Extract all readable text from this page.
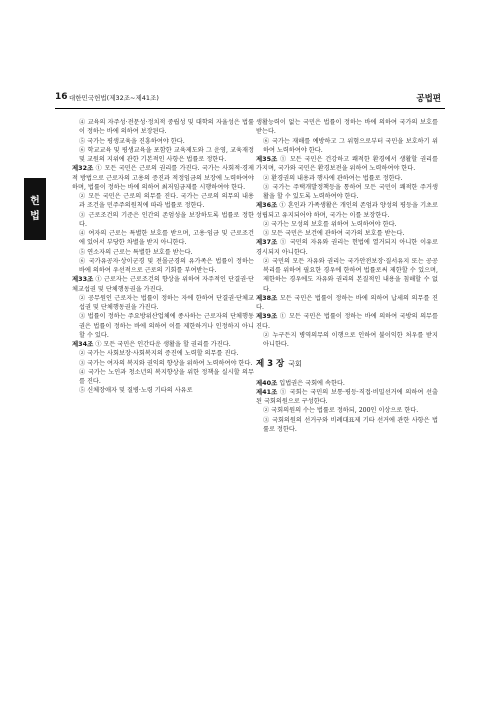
16 대한민국헌법(제32조~제41조)	공법편
헌
법

④ 교육의 자주성·전문성·정치적 중립성 및 대학의 자율성은 법률이 정하는 바에 의하여 보장된다.

⑤ 국가는 평생교육을 진흥하여야 한다.

⑥ 학교교육 및 평생교육을 포함한 교육제도와 그 운영, 교육재정 및 교원의 지위에 관한 기본적인 사항은 법률로 정한다.

제32조 ① 모든 국민은 근로의 권리를 가진다. 국가는 사회적·경제적 방법으로 근로자의 고용의 증진과 적정임금의 보장에 노력하여야 하며, 법률이 정하는 바에 의하여 최저임금제를 시행하여야 한다.

② 모든 국민은 근로의 의무를 진다. 국가는 근로의 의무의 내용과 조건을 민주주의원칙에 따라 법률로 정한다.

③ 근로조건의 기준은 인간의 존엄성을 보장하도록 법률로 정한다.

④ 여자의 근로는 특별한 보호를 받으며, 고용·임금 및 근로조건에 있어서 부당한 차별을 받지 아니한다.

⑤ 연소자의 근로는 특별한 보호를 받는다.

⑥ 국가유공자·상이군경 및 전몰군경의 유가족은 법률이 정하는 바에 의하여 우선적으로 근로의 기회를 부여받는다.

제33조 ① 근로자는 근로조건의 향상을 위하여 자주적인 단결권·단체교섭권 및 단체행동권을 가진다.

② 공무원인 근로자는 법률이 정하는 자에 한하여 단결권·단체교섭권 및 단체행동권을 가진다.

③ 법률이 정하는 주요방위산업체에 종사하는 근로자의 단체행동권은 법률이 정하는 바에 의하여 이를 제한하거나 인정하지 아니할 수 있다.

제34조 ① 모든 국민은 인간다운 생활을 할 권리를 가진다.

② 국가는 사회보장·사회복지의 증진에 노력할 의무를 진다.

③ 국가는 여자의 복지와 권익의 향상을 위하여 노력하여야 한다.

④ 국가는 노인과 청소년의 복지향상을 위한 정책을 실시할 의무를 진다.

⑤ 신체장애자 및 질병·노령 기타의 사유로

생활능력이 없는 국민은 법률이 정하는 바에 의하여 국가의 보호를 받는다.

⑥ 국가는 재해를 예방하고 그 위험으로부터 국민을 보호하기 위하여 노력하여야 한다.

제35조 ① 모든 국민은 건강하고 쾌적한 환경에서 생활할 권리를 가지며, 국가와 국민은 환경보전을 위하여 노력하여야 한다.

② 환경권의 내용과 행사에 관하여는 법률로 정한다.

③ 국가는 주택개발정책등을 통하여 모든 국민이 쾌적한 주거생활을 할 수 있도록 노력하여야 한다.

제36조 ① 혼인과 가족생활은 개인의 존엄과 양성의 평등을 기초로 성립되고 유지되어야 하며, 국가는 이를 보장한다.

② 국가는 모성의 보호를 위하여 노력하여야 한다.

③ 모든 국민은 보건에 관하여 국가의 보호를 받는다.

제37조 ① 국민의 자유와 권리는 헌법에 열거되지 아니한 이유로 경시되지 아니한다.

② 국민의 모든 자유와 권리는 국가안전보장·질서유지 또는 공공복리를 위하여 필요한 경우에 한하여 법률로써 제한할 수 있으며, 제한하는 경우에도 자유와 권리의 본질적인 내용을 침해할 수 없다.

제38조 모든 국민은 법률이 정하는 바에 의하여 납세의 의무를 진다.

제39조 ① 모든 국민은 법률이 정하는 바에 의하여 국방의 의무를 진다.

② 누구든지 병역의무의 이행으로 인하여 불이익한 처우를 받지 아니한다.

제 3 장 국회

제40조 입법권은 국회에 속한다.

제41조 ① 국회는 국민의 보통·평등·직접·비밀선거에 의하여 선출된 국회의원으로 구성한다.

② 국회의원의 수는 법률로 정하되, 200인 이상으로 한다.

③ 국회의원의 선거구와 비례대표제 기타 선거에 관한 사항은 법률로 정한다.
